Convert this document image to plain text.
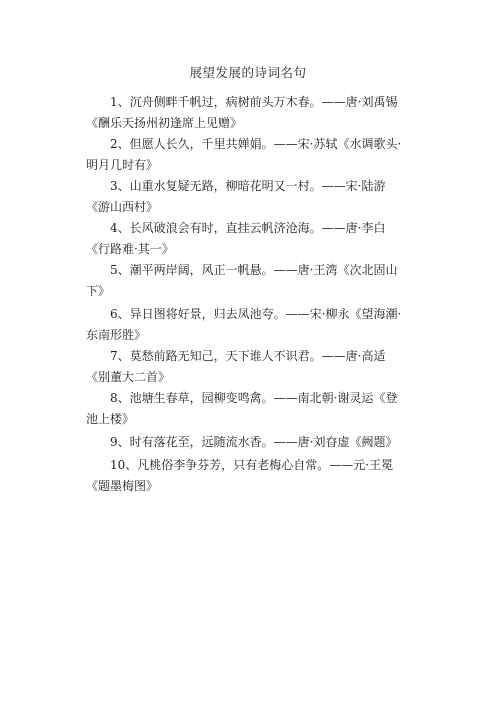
展望发展的诗词名句
1、沉舟侧畔千帆过，病树前头万木春。——唐·刘禹锡《酬乐天扬州初逢席上见赠》
2、但愿人长久，千里共婵娟。——宋·苏轼《水调歌头·明月几时有》
3、山重水复疑无路，柳暗花明又一村。——宋·陆游《游山西村》
4、长风破浪会有时，直挂云帆济沧海。——唐·李白《行路难·其一》
5、潮平两岸阔，风正一帆悬。——唐·王湾《次北固山下》
6、异日图将好景，归去凤池夸。——宋·柳永《望海潮·东南形胜》
7、莫愁前路无知己，天下谁人不识君。——唐·高适《别董大二首》
8、池塘生春草，园柳变鸣禽。——南北朝·谢灵运《登池上楼》
9、时有落花至，远随流水香。——唐·刘昚虚《阙题》
10、凡桃俗李争芬芳，只有老梅心自常。——元·王冕《题墨梅图》
